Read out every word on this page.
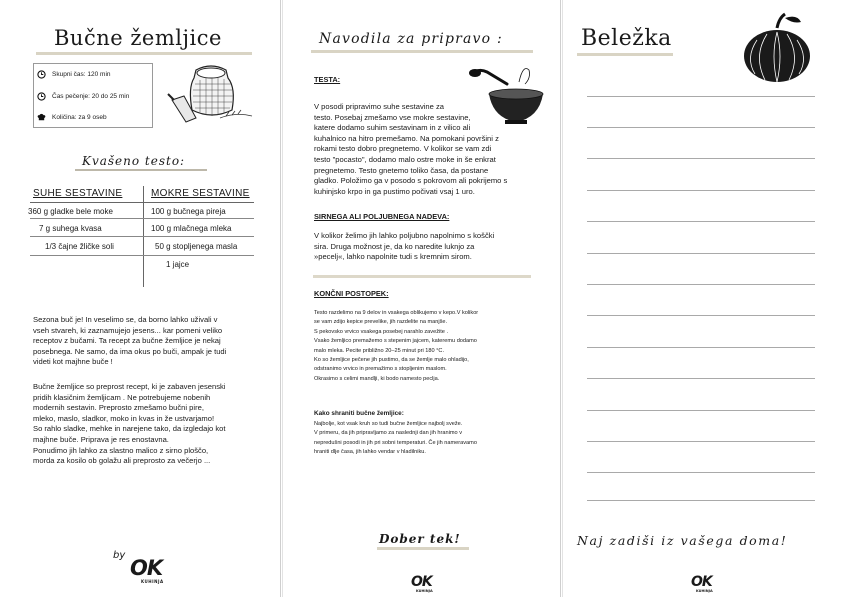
Bučne žemljice
Skupni čas: 120 min
Čas pečenje: 20 do 25 min
Količina: za 9 oseb
Kvašeno testo:
SUHE SESTAVINE	MOKRE SESTAVINE
360 g gladke bele moke
7 g suhega kvasa
1/3 čajne žličke soli
100 g bučnega pireja
100 g mlačnega mleka
50 g stopljenega masla
1 jajce
Sezona buč je! In veselimo se, da borno lahko uživali v
vseh stvareh, ki zaznamujejo jesens... kar pomeni veliko
receptov z bučami. Ta recept za bučne žemljice je nekaj
posebnega. Ne samo, da ima okus po buči, ampak je tudi
videti kot majhne buče !
Bučne žemljice so preprost recept, ki je zabaven jesenski
pridih klasičnim žemljicam . Ne potrebujeme nobenih
modernih sestavin. Preprosto zmešamo bučni pire,
mleko, maslo, sladkor, moko in kvas in že ustvarjamo!
So rahlo sladke, mehke in narejene tako, da izgledajo kot
majhne buče. Priprava je res enostavna.
Ponudimo jih lahko za slastno malico z sirno ploščo,
morda za kosilo ob golažu ali preprosto za večerjo ...
by
OK
KUHINJA
Navodila za pripravo :
TESTA:
V posodi pripravimo suhe sestavine za
testo. Posebaj zmešamo vse mokre sestavine,
katere dodamo suhim sestavinam in z vilico ali
kuhalnico na hitro premešamo. Na pomokani površini z
rokami testo dobro pregnetemo. V kolikor se vam zdi
testo "pocasto", dodamo malo ostre moke in še enkrat
pregnetemo. Testo gnetemo toliko časa, da postane
gladko. Položimo ga v posodo s pokrovom ali pokrijemo s
kuhinjsko krpo in ga pustimo počivati vsaj 1 uro.
SIRNEGA ALI POLJUBNEGA NADEVA:
V kolikor želimo jih lahko poljubno napolnimo s koščki
sira. Druga možnost je, da ko naredite luknjo za
»pecelj«, lahko napolnite tudi s kremnim sirom.
KONČNI POSTOPEK:
Testo razdelimo na 9 delov in vsakega oblikujemo v kepo.V kolikor
se vam zdijo kepice prevelike, jih razdelite na manjše.
S pekovsko vrvico vsakega posebej narahlo zavežite .
Vsako žemljico premažemo s stepenim jajcem, kateremu dodamo
malo mleka. Pecite približno 20–25 minut pri 180 °C.
Ko so žemljice pečene jih pustimo, da se žemlje malo ohladijo,
odstranimo vrvico in premažimo s stopljenim maslom.
Okrasimo s celimi mandlji, ki bodo namesto peclja.
Kako shraniti bučne žemljice:
Najbolje, kot vsak kruh so tudi bučne žemljice najbolj sveže.
V primeru, da jih pripravljamo za naslednji dan jih hranimo v
nepredušni posodi in jih pri sobni temperaturi. Če jih nameravamo
hraniti dlje časa, jih lahko vendar v hladilniku.
Dober tek!
OK
KUHINJA
Beležka
Naj zadiši iz vašega doma!
OK
KUHINJA
